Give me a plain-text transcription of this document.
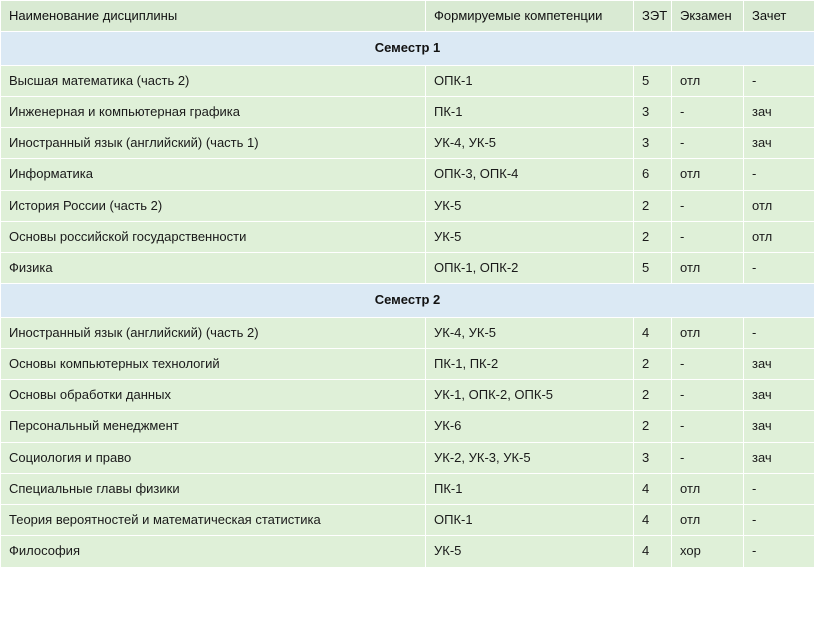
Наименование дисциплины	Формируемые компетенции	ЗЭТ	Экзамен	Зачет
Семестр 1				
Высшая математика (часть 2)	ОПК-1	5	отл	-
Инженерная и компьютерная графика	ПК-1	3	-	зач
Иностранный язык (английский) (часть 1)	УК-4, УК-5	3	-	зач
Информатика	ОПК-3, ОПК-4	6	отл	-
История России (часть 2)	УК-5	2	-	отл
Основы российской государственности	УК-5	2	-	отл
Физика	ОПК-1, ОПК-2	5	отл	-
Семестр 2				
Иностранный язык (английский) (часть 2)	УК-4, УК-5	4	отл	-
Основы компьютерных технологий	ПК-1, ПК-2	2	-	зач
Основы обработки данных	УК-1, ОПК-2, ОПК-5	2	-	зач
Персональный менеджмент	УК-6	2	-	зач
Социология и право	УК-2, УК-3, УК-5	3	-	зач
Специальные главы физики	ПК-1	4	отл	-
Теория вероятностей и математическая статистика	ОПК-1	4	отл	-
Философия	УК-5	4	хор	-
